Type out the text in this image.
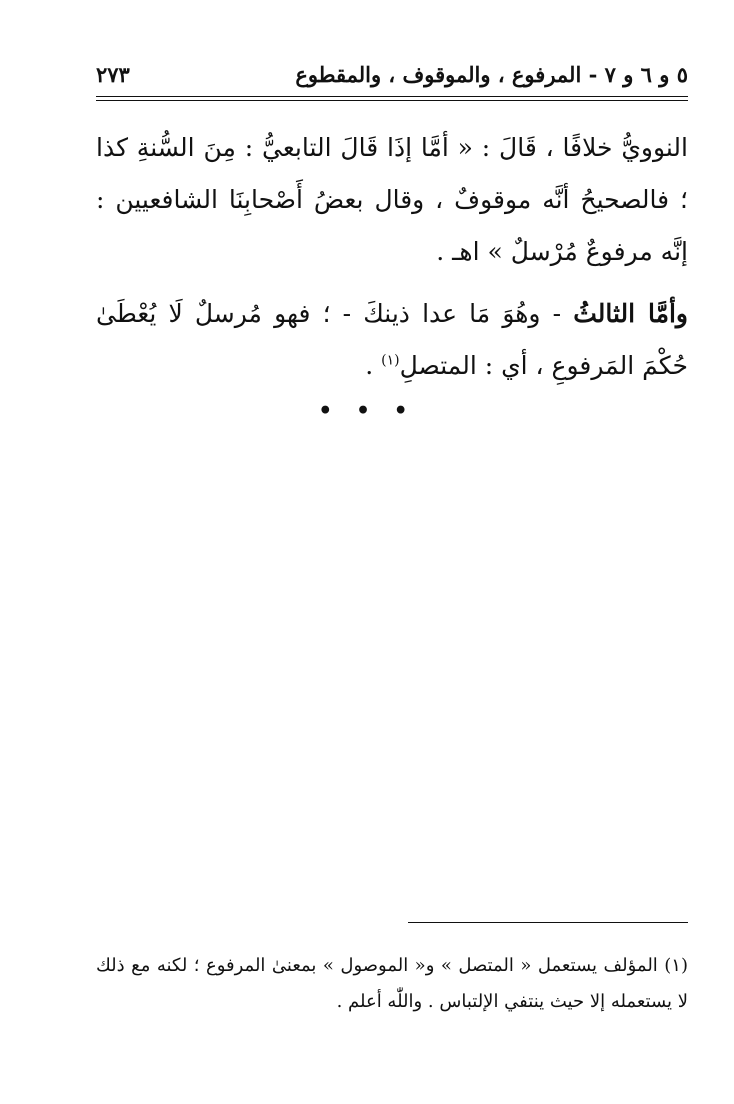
٥ و ٦ و ٧ - المرفوع ، والموقوف ، والمقطوع
٢٧٣

النوويُّ خلافًا ، قَالَ : « أمَّا إذَا قَالَ التابعيُّ : مِنَ السُّنةِ كذا ؛ فالصحيحُ أنَّه موقوفٌ ، وقال بعضُ أَصْحابِنَا الشافعيين : إنَّه مرفوعٌ مُرْسلٌ » اهـ .

وأمَّا الثالثُ - وهُوَ مَا عدا ذينكَ - ؛ فهو مُرسلٌ لَا يُعْطَىٰ حُكْمَ المَرفوعِ ، أي : المتصلِ$^{(١)}$ .

• • •

(١) المؤلف يستعمل « المتصل » و« الموصول » بمعنىٰ المرفوع ؛ لكنه مع ذلك لا يستعمله إلا حيث ينتفي الإلتباس . واللّٰه أعلم .
